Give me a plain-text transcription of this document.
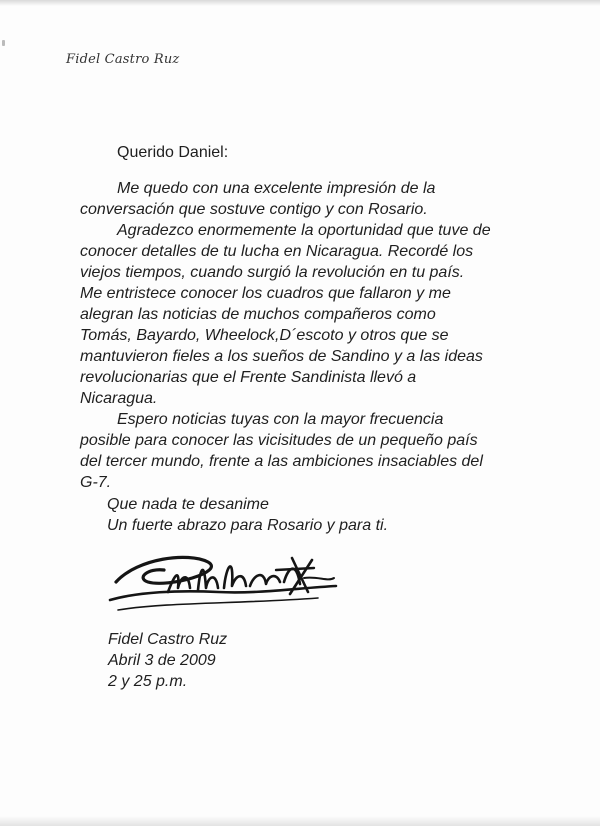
Fidel Castro Ruz
Querido Daniel:
Me quedo con una excelente impresión de la
conversación que sostuve contigo y con Rosario.
Agradezco enormemente la oportunidad que tuve de
conocer detalles de tu lucha en Nicaragua. Recordé los
viejos tiempos, cuando surgió la revolución en tu país.
Me entristece conocer los cuadros que fallaron y me
alegran las noticias de muchos compañeros como
Tomás, Bayardo, Wheelock,D´escoto y otros que se
mantuvieron fieles a los sueños de Sandino y a las ideas
revolucionarias que el Frente Sandinista llevó a
Nicaragua.
Espero noticias tuyas con la mayor frecuencia
posible para conocer las vicisitudes de un pequeño país
del tercer mundo, frente a las ambiciones insaciables del
G-7.
Que nada te desanime
Un fuerte abrazo para Rosario y para ti.
Fidel Castro Ruz
Abril 3 de 2009
2 y 25 p.m.
